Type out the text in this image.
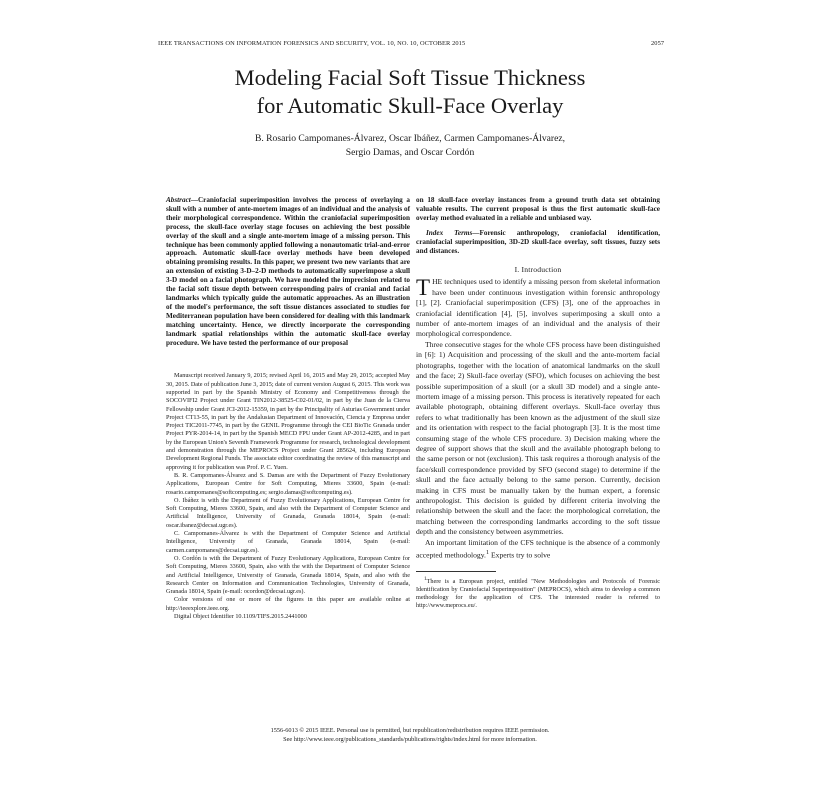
IEEE TRANSACTIONS ON INFORMATION FORENSICS AND SECURITY, VOL. 10, NO. 10, OCTOBER 2015	2057
Modeling Facial Soft Tissue Thickness
for Automatic Skull-Face Overlay
B. Rosario Campomanes-Álvarez, Oscar Ibáñez, Carmen Campomanes-Álvarez,
Sergio Damas, and Oscar Cordón

Abstract—Craniofacial superimposition involves the process of overlaying a skull with a number of ante-mortem images of an individual and the analysis of their morphological correspondence. Within the craniofacial superimposition process, the skull-face overlay stage focuses on achieving the best possible overlay of the skull and a single ante-mortem image of a missing person. This technique has been commonly applied following a nonautomatic trial-and-error approach. Automatic skull-face overlay methods have been developed obtaining promising results. In this paper, we present two new variants that are an extension of existing 3-D–2-D methods to automatically superimpose a skull 3-D model on a facial photograph. We have modeled the imprecision related to the facial soft tissue depth between corresponding pairs of cranial and facial landmarks which typically guide the automatic approaches. As an illustration of the model's performance, the soft tissue distances associated to studies for Mediterranean population have been considered for dealing with this landmark matching uncertainty. Hence, we directly incorporate the corresponding landmark spatial relationships within the automatic skull-face overlay procedure. We have tested the performance of our proposal

Manuscript received January 9, 2015; revised April 16, 2015 and May 29, 2015; accepted May 30, 2015. Date of publication June 3, 2015; date of current version August 6, 2015. This work was supported in part by the Spanish Ministry of Economy and Competitiveness through the SOCOVIFI2 Project under Grant TIN2012-38525-C02-01/02, in part by the Juan de la Cierva Fellowship under Grant JCI-2012-15359, in part by the Principality of Asturias Government under Project CT13-55, in part by the Andalusian Department of Innovación, Ciencia y Empresa under Project TIC2011-7745, in part by the GENIL Programme through the CEI BioTic Granada under Project PYR-2014-14, in part by the Spanish MECD FPU under Grant AP-2012-4285, and in part by the European Union's Seventh Framework Programme for research, technological development and demonstration through the MEPROCS Project under Grant 285624, including European Development Regional Funds. The associate editor coordinating the review of this manuscript and approving it for publication was Prof. P. C. Yuen.

B. R. Campomanes-Álvarez and S. Damas are with the Department of Fuzzy Evolutionary Applications, European Centre for Soft Computing, Mieres 33600, Spain (e-mail: rosario.campomanes@softcomputing.es; sergio.damas@softcomputing.es).

O. Ibáñez is with the Department of Fuzzy Evolutionary Applications, European Centre for Soft Computing, Mieres 33600, Spain, and also with the Department of Computer Science and Artificial Intelligence, University of Granada, Granada 18014, Spain (e-mail: oscar.ibanez@decsai.ugr.es).

C. Campomanes-Álvarez is with the Department of Computer Science and Artificial Intelligence, University of Granada, Granada 18014, Spain (e-mail: carmen.campomanes@decsai.ugr.es).

O. Cordón is with the Department of Fuzzy Evolutionary Applications, European Centre for Soft Computing, Mieres 33600, Spain, also with the with the Department of Computer Science and Artificial Intelligence, University of Granada, Granada 18014, Spain, and also with the Research Center on Information and Communication Technologies, University of Granada, Granada 18014, Spain (e-mail: ocordon@decsai.ugr.es).

Color versions of one or more of the figures in this paper are available online at http://ieeexplore.ieee.org.

Digital Object Identifier 10.1109/TIFS.2015.2441000

on 18 skull-face overlay instances from a ground truth data set obtaining valuable results. The current proposal is thus the first automatic skull-face overlay method evaluated in a reliable and unbiased way.

Index Terms—Forensic anthropology, craniofacial identification, craniofacial superimposition, 3D-2D skull-face overlay, soft tissues, fuzzy sets and distances.

I. Introduction

THE techniques used to identify a missing person from skeletal information have been under continuous investigation within forensic anthropology [1], [2]. Craniofacial superimposition (CFS) [3], one of the approaches in craniofacial identification [4], [5], involves superimposing a skull onto a number of ante-mortem images of an individual and the analysis of their morphological correspondence.

Three consecutive stages for the whole CFS process have been distinguished in [6]: 1) Acquisition and processing of the skull and the ante-mortem facial photographs, together with the location of anatomical landmarks on the skull and the face; 2) Skull-face overlay (SFO), which focuses on achieving the best possible superimposition of a skull (or a skull 3D model) and a single ante-mortem image of a missing person. This process is iteratively repeated for each available photograph, obtaining different overlays. Skull-face overlay thus refers to what traditionally has been known as the adjustment of the skull size and its orientation with respect to the facial photograph [3]. It is the most time consuming stage of the whole CFS procedure. 3) Decision making where the degree of support shows that the skull and the available photograph belong to the same person or not (exclusion). This task requires a thorough analysis of the face/skull correspondence provided by SFO (second stage) to determine if the skull and the face actually belong to the same person. Currently, decision making in CFS must be manually taken by the human expert, a forensic anthropologist. This decision is guided by different criteria involving the relationship between the skull and the face: the morphological correlation, the matching between the corresponding landmarks according to the soft tissue depth and the consistency between asymmetries.

An important limitation of the CFS technique is the absence of a commonly accepted methodology.$^1$ Experts try to solve

$^1$There is a European project, entitled "New Methodologies and Protocols of Forensic Identification by Craniofacial Superimposition" (MEPROCS), which aims to develop a common methodology for the application of CFS. The interested reader is referred to http://www.meprocs.eu/.

1556-6013 © 2015 IEEE. Personal use is permitted, but republication/redistribution requires IEEE permission.
See http://www.ieee.org/publications_standards/publications/rights/index.html for more information.
